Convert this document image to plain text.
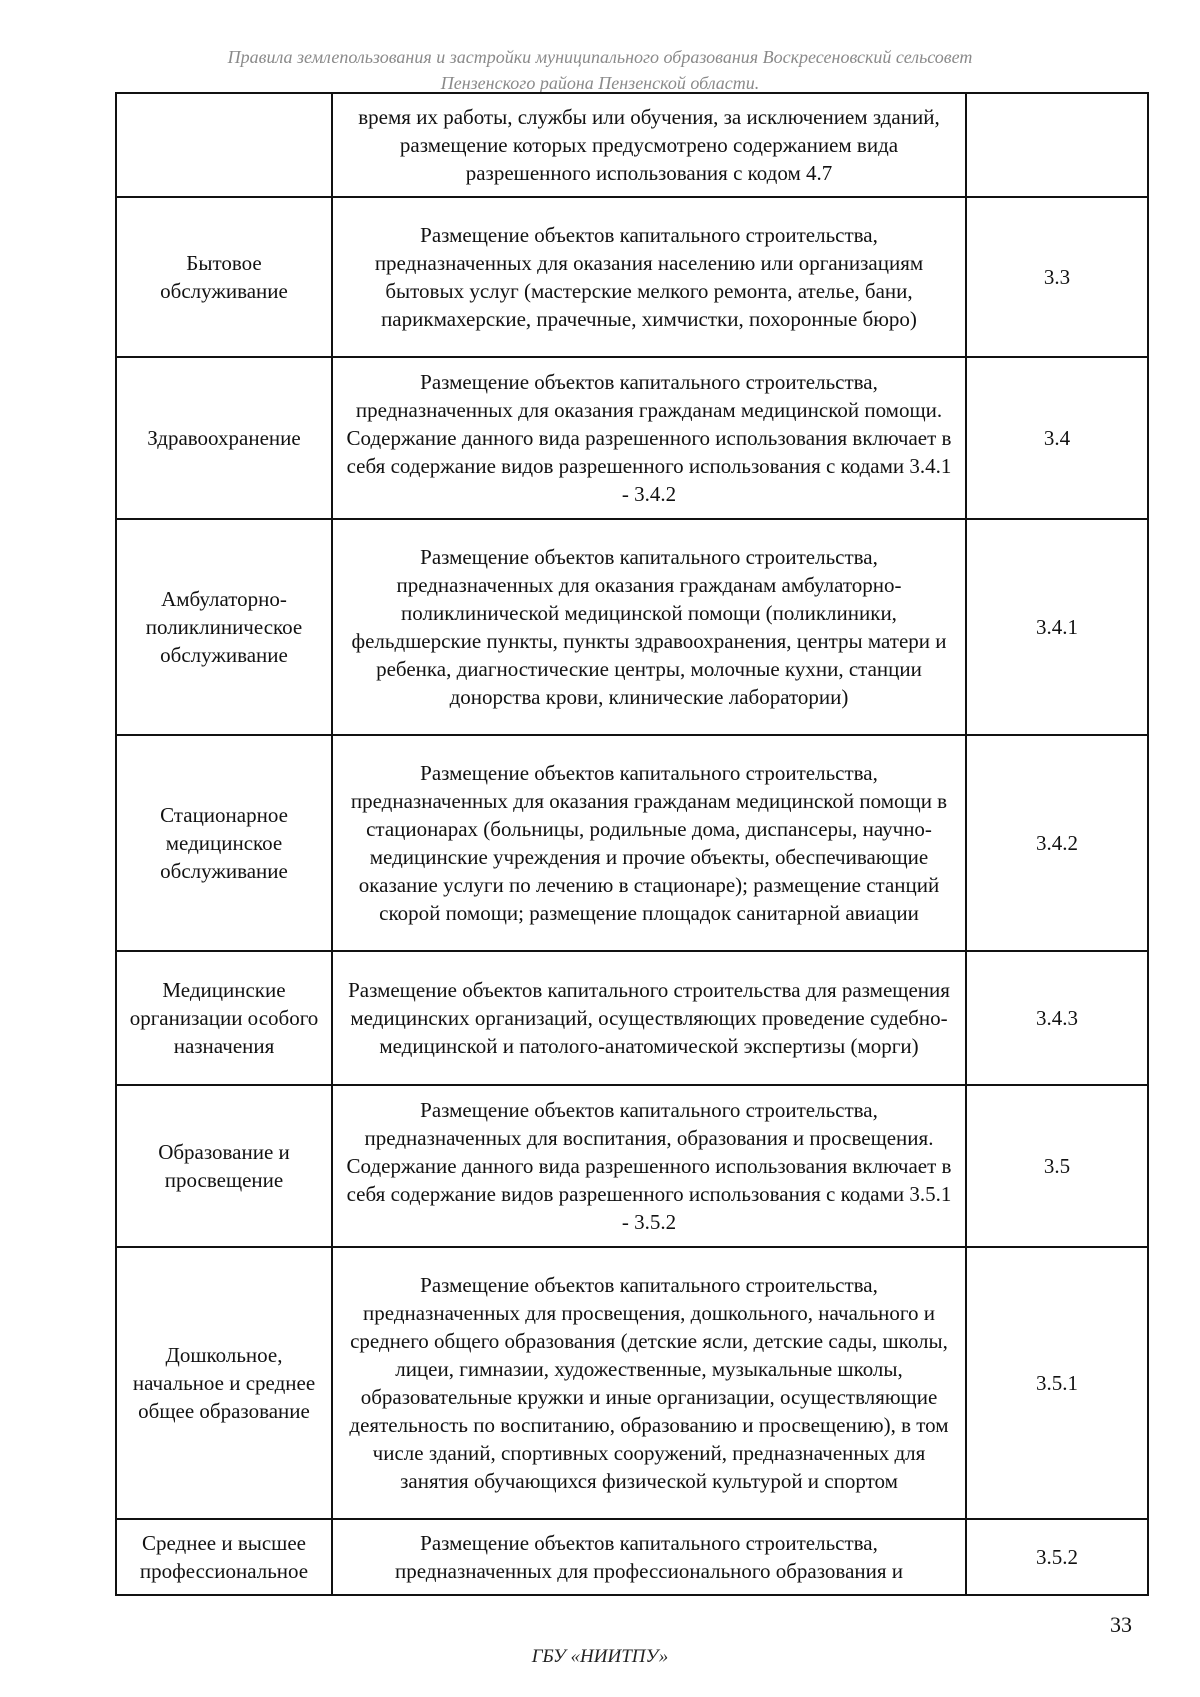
Правила землепользования и застройки муниципального образования Воскресеновский сельсовет
Пензенского района Пензенской области.
	время их работы, службы или обучения, за исключением зданий, размещение которых предусмотрено содержанием вида разрешенного использования с кодом 4.7	
Бытовое обслуживание	Размещение объектов капитального строительства, предназначенных для оказания населению или организациям бытовых услуг (мастерские мелкого ремонта, ателье, бани, парикмахерские, прачечные, химчистки, похоронные бюро)	3.3
Здравоохранение	Размещение объектов капитального строительства, предназначенных для оказания гражданам медицинской помощи. Содержание данного вида разрешенного использования включает в себя содержание видов разрешенного использования с кодами 3.4.1 - 3.4.2	3.4
Амбулаторно-поликлиническое обслуживание	Размещение объектов капитального строительства, предназначенных для оказания гражданам амбулаторно-поликлинической медицинской помощи (поликлиники, фельдшерские пункты, пункты здравоохранения, центры матери и ребенка, диагностические центры, молочные кухни, станции донорства крови, клинические лаборатории)	3.4.1
Стационарное медицинское обслуживание	Размещение объектов капитального строительства, предназначенных для оказания гражданам медицинской помощи в стационарах (больницы, родильные дома, диспансеры, научно-медицинские учреждения и прочие объекты, обеспечивающие оказание услуги по лечению в стационаре); размещение станций скорой помощи; размещение площадок санитарной авиации	3.4.2
Медицинские организации особого назначения	Размещение объектов капитального строительства для размещения медицинских организаций, осуществляющих проведение судебно-медицинской и патолого-анатомической экспертизы (морги)	3.4.3
Образование и просвещение	Размещение объектов капитального строительства, предназначенных для воспитания, образования и просвещения. Содержание данного вида разрешенного использования включает в себя содержание видов разрешенного использования с кодами 3.5.1 - 3.5.2	3.5
Дошкольное, начальное и среднее общее образование	Размещение объектов капитального строительства, предназначенных для просвещения, дошкольного, начального и среднего общего образования (детские ясли, детские сады, школы, лицеи, гимназии, художественные, музыкальные школы, образовательные кружки и иные организации, осуществляющие деятельность по воспитанию, образованию и просвещению), в том числе зданий, спортивных сооружений, предназначенных для занятия обучающихся физической культурой и спортом	3.5.1
Среднее и высшее профессиональное	Размещение объектов капитального строительства, предназначенных для профессионального образования и	3.5.2
33
ГБУ «НИИТПУ»
